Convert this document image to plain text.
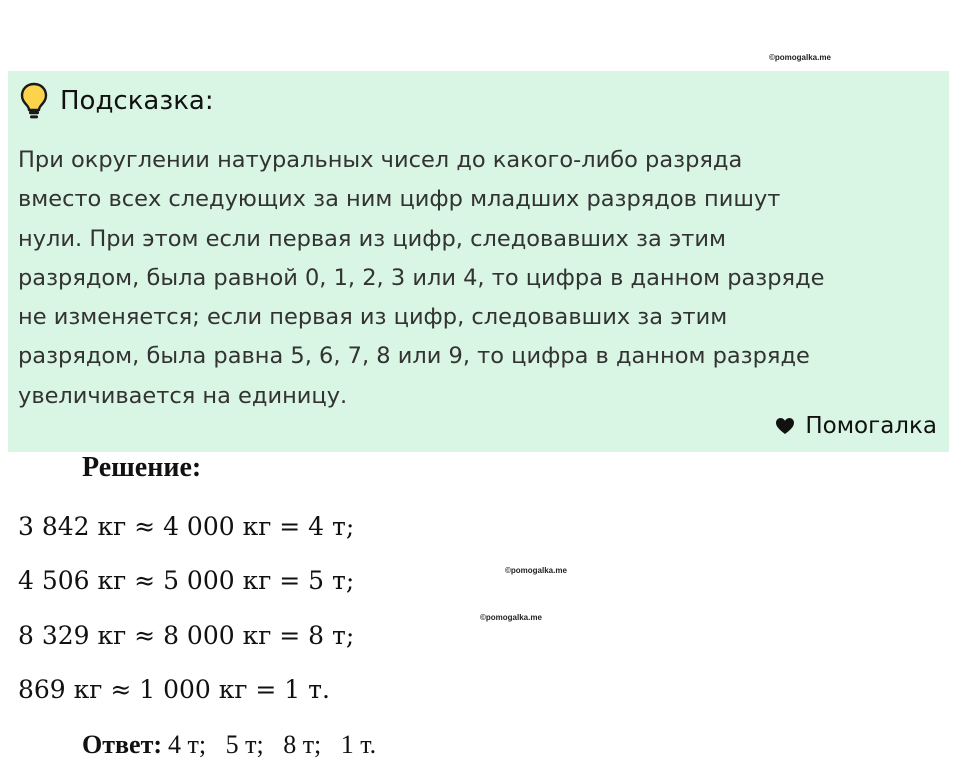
©pomogalka.me
Подсказка:

При округлении натуральных чисел до какого-либо разряда
вместо всех следующих за ним цифр младших разрядов пишут
нули. При этом если первая из цифр, следовавших за этим
разрядом, была равной 0, 1, 2, 3 или 4, то цифра в данном разряде
не изменяется; если первая из цифр, следовавших за этим
разрядом, была равна 5, 6, 7, 8 или 9, то цифра в данном разряде
увеличивается на единицу.

Помогалка
Решение:
3 842 кг ≈ 4 000 кг = 4 т;
4 506 кг ≈ 5 000 кг = 5 т;
8 329 кг ≈ 8 000 кг = 8 т;
869 кг ≈ 1 000 кг = 1 т.
©pomogalka.me
©pomogalka.me
Ответ: 4 т;   5 т;   8 т;   1 т.
